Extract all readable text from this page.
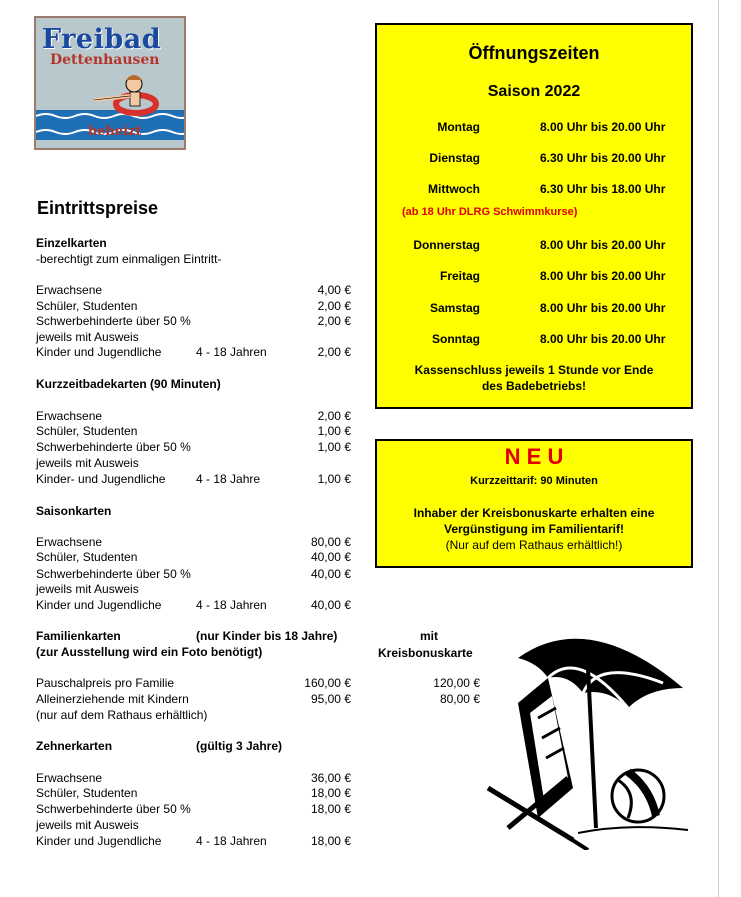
Freibad
Dettenhausen
beheizt
Eintrittspreise
Einzelkarten
-berechtigt zum einmaligen Eintritt-
Erwachsene	4,00 €
Schüler, Studenten	2,00 €
Schwerbehinderte über 50 %	2,00 €
jeweils mit Ausweis
Kinder und Jugendliche	4 - 18 Jahren	2,00 €
Kurzzeitbadekarten (90 Minuten)
Erwachsene	2,00 €
Schüler, Studenten	1,00 €
Schwerbehinderte über 50 %	1,00 €
jeweils mit Ausweis
Kinder- und Jugendliche	4 - 18 Jahre	1,00 €
Saisonkarten
Erwachsene	80,00 €
Schüler, Studenten	40,00 €
Schwerbehinderte über 50 %	40,00 €
jeweils mit Ausweis
Kinder und Jugendliche	4 - 18 Jahren	40,00 €
Familienkarten	(nur Kinder bis 18 Jahre)
(zur Ausstellung wird ein Foto benötigt)
mit
Kreisbonuskarte
Pauschalpreis pro Familie	160,00 €	120,00 €
Alleinerziehende mit Kindern	95,00 €	80,00 €
(nur auf dem Rathaus erhältlich)
Zehnerkarten	(gültig 3 Jahre)
Erwachsene	36,00 €
Schüler, Studenten	18,00 €
Schwerbehinderte über 50 %	18,00 €
jeweils mit Ausweis
Kinder und Jugendliche	4 - 18 Jahren	18,00 €
Öffnungszeiten
Saison 2022
Montag	8.00 Uhr bis 20.00 Uhr
Dienstag	6.30 Uhr bis 20.00 Uhr
Mittwoch	6.30 Uhr bis 18.00 Uhr
(ab 18 Uhr DLRG Schwimmkurse)
Donnerstag	8.00 Uhr bis 20.00 Uhr
Freitag	8.00 Uhr bis 20.00 Uhr
Samstag	8.00 Uhr bis 20.00 Uhr
Sonntag	8.00 Uhr bis 20.00 Uhr
Kassenschluss jeweils 1 Stunde vor Ende
des Badebetriebs!
N E U
Kurzzeittarif: 90 Minuten
Inhaber der Kreisbonuskarte erhalten eine
Vergünstigung im Familientarif!
(Nur auf dem Rathaus erhältlich!)
